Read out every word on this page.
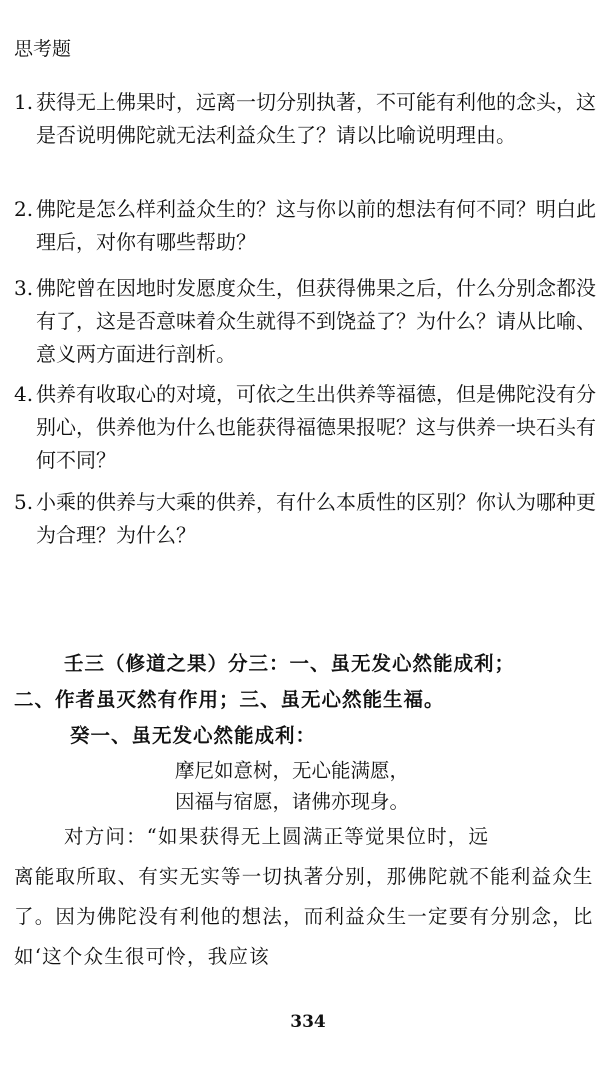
思考题
1. 获得无上佛果时，远离一切分别执著，不可能有利他的念头，这是否说明佛陀就无法利益众生了？请以比喻说明理由。
2. 佛陀是怎么样利益众生的？这与你以前的想法有何不同？明白此理后，对你有哪些帮助？
3. 佛陀曾在因地时发愿度众生，但获得佛果之后，什么分别念都没有了，这是否意味着众生就得不到饶益了？为什么？请从比喻、意义两方面进行剖析。
4. 供养有收取心的对境，可依之生出供养等福德，但是佛陀没有分别心，供养他为什么也能获得福德果报呢？这与供养一块石头有何不同？
5. 小乘的供养与大乘的供养，有什么本质性的区别？你认为哪种更为合理？为什么？
壬三（修道之果）分三：一、虽无发心然能成利；
二、作者虽灭然有作用；三、虽无心然能生福。
癸一、虽无发心然能成利：
摩尼如意树，无心能满愿，
因福与宿愿，诸佛亦现身。
对方问：“如果获得无上圆满正等觉果位时，远
离能取所取、有实无实等一切执著分别，那佛陀就不能利益众生了。因为佛陀没有利他的想法，而利益众生一定要有分别念，比如‘这个众生很可怜，我应该
334
